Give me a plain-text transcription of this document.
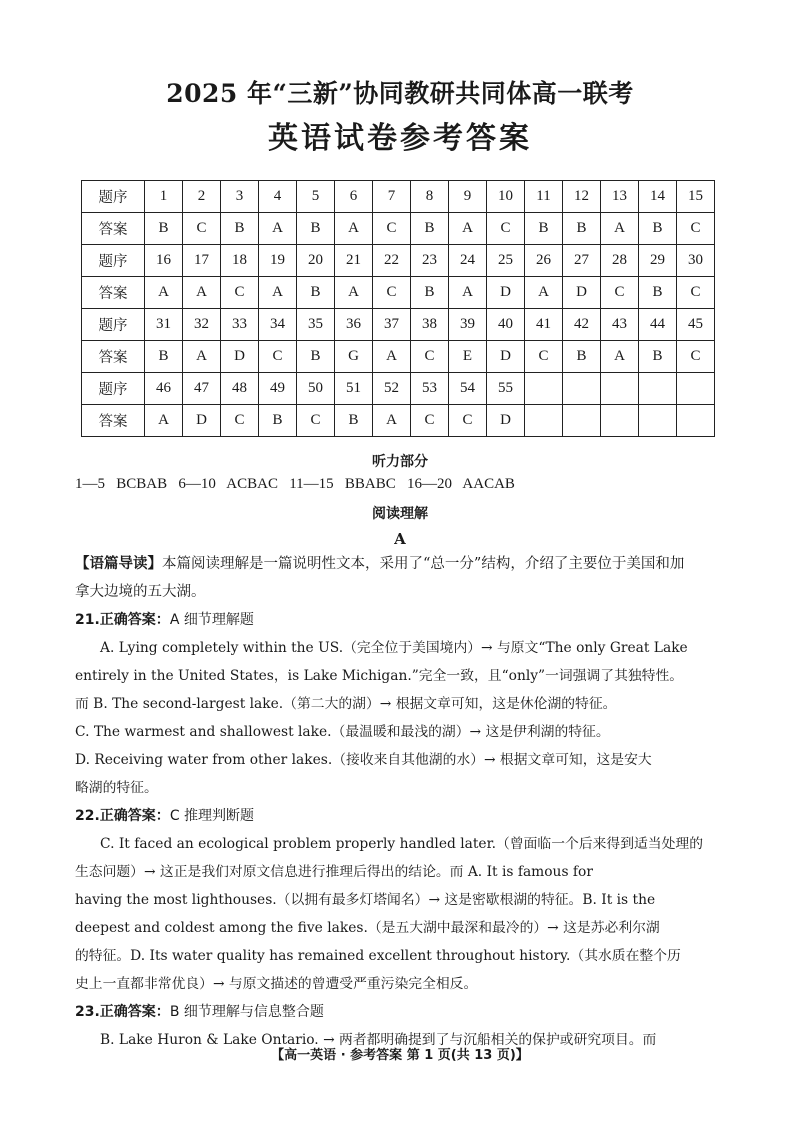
2025 年“三新”协同教研共同体高一联考
英语试卷参考答案
题序	1	2	3	4	5	6	7	8	9	10	11	12	13	14	15
答案	B	C	B	A	B	A	C	B	A	C	B	B	A	B	C
题序	16	17	18	19	20	21	22	23	24	25	26	27	28	29	30
答案	A	A	C	A	B	A	C	B	A	D	A	D	C	B	C
题序	31	32	33	34	35	36	37	38	39	40	41	42	43	44	45
答案	B	A	D	C	B	G	A	C	E	D	C	B	A	B	C
题序	46	47	48	49	50	51	52	53	54	55					
答案	A	D	C	B	C	B	A	C	C	D					
听力部分
1—5   BCBAB   6—10   ACBAC   11—15   BBABC   16—20   AACAB
阅读理解
A
【语篇导读】本篇阅读理解是一篇说明性文本，采用了“总一分”结构，介绍了主要位于美国和加
拿大边境的五大湖。
21.正确答案：A 细节理解题
A. Lying completely within the US.（完全位于美国境内）→ 与原文“The only Great Lake
entirely in the United States，is Lake Michigan.”完全一致，且“only”一词强调了其独特性。
而 B. The second-largest lake.（第二大的湖）→ 根据文章可知，这是休伦湖的特征。
C. The warmest and shallowest lake.（最温暖和最浅的湖）→ 这是伊利湖的特征。
D. Receiving water from other lakes.（接收来自其他湖的水）→ 根据文章可知，这是安大
略湖的特征。
22.正确答案：C 推理判断题
C. It faced an ecological problem properly handled later.（曾面临一个后来得到适当处理的
生态问题）→ 这正是我们对原文信息进行推理后得出的结论。而 A. It is famous for
having the most lighthouses.（以拥有最多灯塔闻名）→ 这是密歇根湖的特征。B. It is the
deepest and coldest among the five lakes.（是五大湖中最深和最冷的）→ 这是苏必利尔湖
的特征。D. Its water quality has remained excellent throughout history.（其水质在整个历
史上一直都非常优良）→ 与原文描述的曾遭受严重污染完全相反。
23.正确答案：B 细节理解与信息整合题
B. Lake Huron & Lake Ontario. → 两者都明确提到了与沉船相关的保护或研究项目。而
【高一英语 · 参考答案 第 1 页(共 13 页)】
